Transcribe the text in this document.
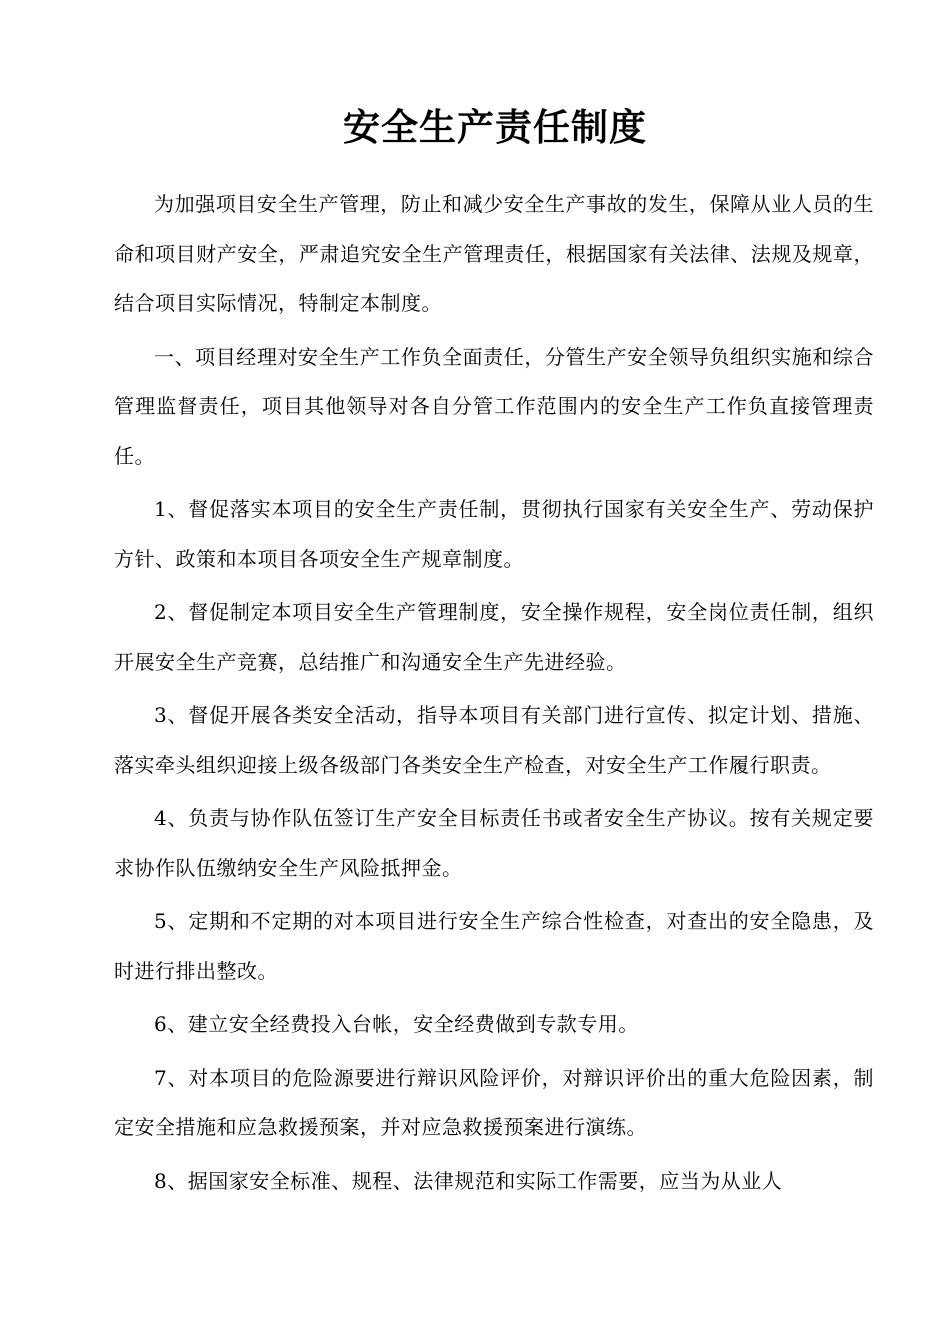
安全生产责任制度

为加强项目安全生产管理，防止和减少安全生产事故的发生，保障从业人员的生命和项目财产安全，严肃追究安全生产管理责任，根据国家有关法律、法规及规章，结合项目实际情况，特制定本制度。

一、项目经理对安全生产工作负全面责任，分管生产安全领导负组织实施和综合管理监督责任，项目其他领导对各自分管工作范围内的安全生产工作负直接管理责任。

1、督促落实本项目的安全生产责任制，贯彻执行国家有关安全生产、劳动保护方针、政策和本项目各项安全生产规章制度。

2、督促制定本项目安全生产管理制度，安全操作规程，安全岗位责任制，组织开展安全生产竞赛，总结推广和沟通安全生产先进经验。

3、督促开展各类安全活动，指导本项目有关部门进行宣传、拟定计划、措施、落实牵头组织迎接上级各级部门各类安全生产检查，对安全生产工作履行职责。

4、负责与协作队伍签订生产安全目标责任书或者安全生产协议。按有关规定要求协作队伍缴纳安全生产风险抵押金。

5、定期和不定期的对本项目进行安全生产综合性检查，对查出的安全隐患，及时进行排出整改。

6、建立安全经费投入台帐，安全经费做到专款专用。

7、对本项目的危险源要进行辩识风险评价，对辩识评价出的重大危险因素，制定安全措施和应急救援预案，并对应急救援预案进行演练。

8、据国家安全标准、规程、法律规范和实际工作需要，应当为从业人
